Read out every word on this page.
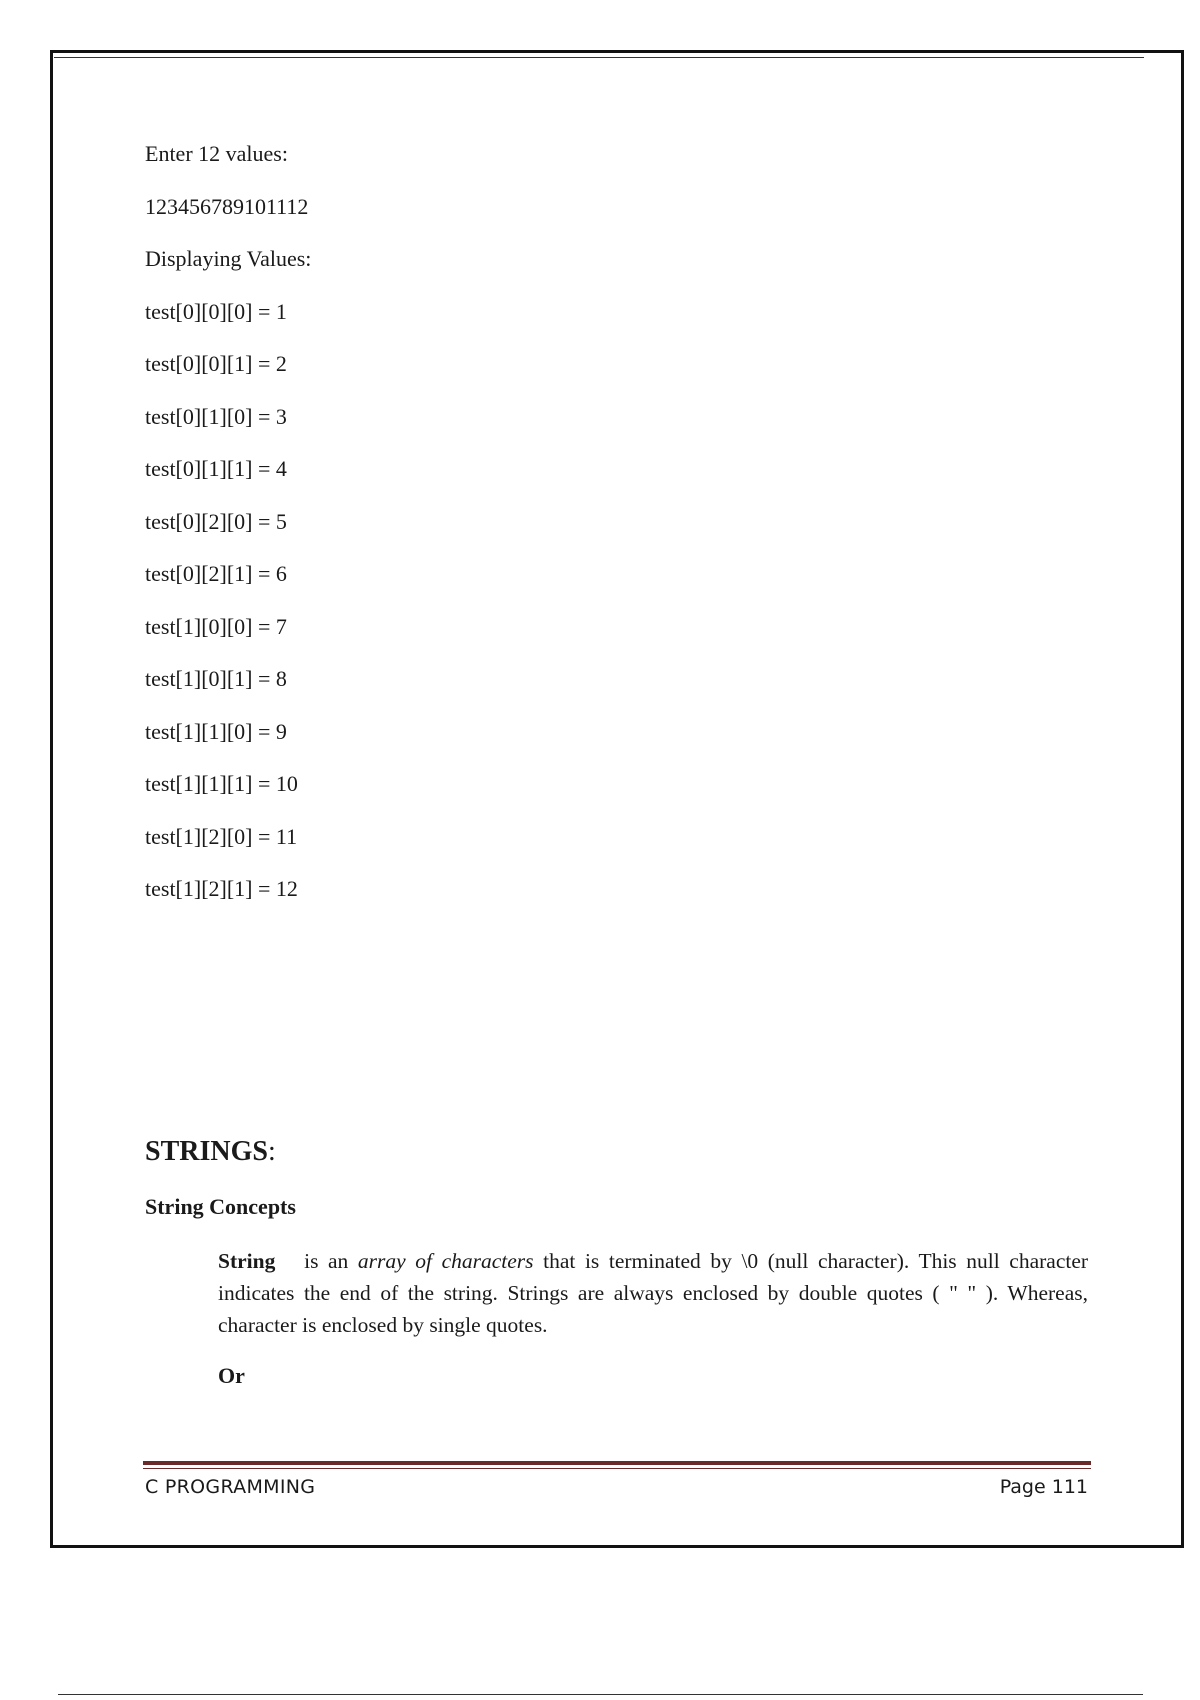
Enter 12 values:
123456789101112
Displaying Values:
test[0][0][0] = 1
test[0][0][1] = 2
test[0][1][0] = 3
test[0][1][1] = 4
test[0][2][0] = 5
test[0][2][1] = 6
test[1][0][0] = 7
test[1][0][1] = 8
test[1][1][0] = 9
test[1][1][1] = 10
test[1][2][0] = 11
test[1][2][1] = 12
STRINGS:
String Concepts

String is an array of characters that is terminated by \0 (null character). This null character indicates the end of the string. Strings are always enclosed by double quotes ( " " ). Whereas, character is enclosed by single quotes.

Or

C PROGRAMMING	Page 111
